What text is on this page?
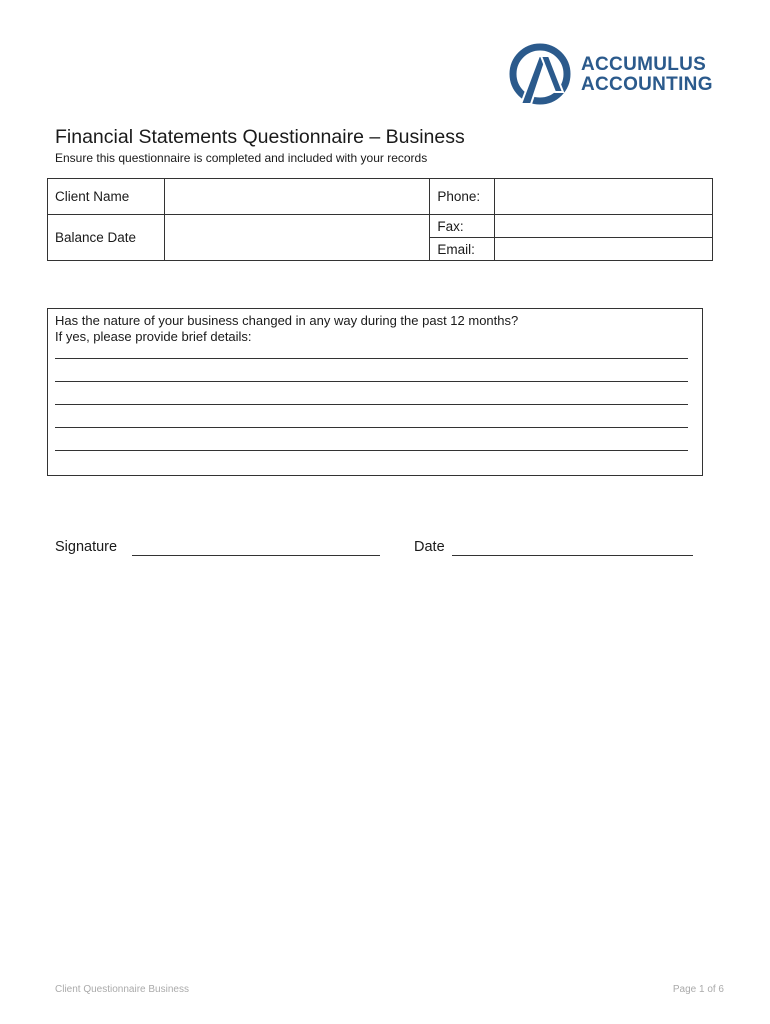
ACCUMULUS
ACCOUNTING
Financial Statements Questionnaire – Business
Ensure this questionnaire is completed and included with your records
Client Name		Phone:	
Balance Date		Fax:	
		Email:	
Has the nature of your business changed in any way during the past 12 months?
If yes, please provide brief details:
Signature	Date
Client Questionnaire Business	Page 1 of 6
